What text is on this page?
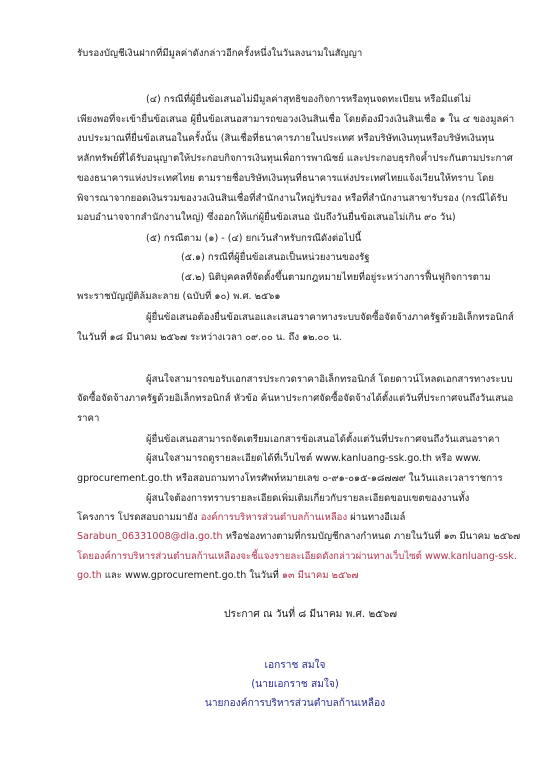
รับรองบัญชีเงินฝากที่มีมูลค่าดังกล่าวอีกครั้งหนึ่งในวันลงนามในสัญญา
(๔) กรณีที่ผู้ยื่นข้อเสนอไม่มีมูลค่าสุทธิของกิจการหรือทุนจดทะเบียน หรือมีแต่ไม่
เพียงพอที่จะเข้ายื่นข้อเสนอ ผู้ยื่นข้อเสนอสามารถขอวงเงินสินเชื่อ โดยต้องมีวงเงินสินเชื่อ ๑ ใน ๔ ของมูลค่า
งบประมาณที่ยื่นข้อเสนอในครั้งนั้น (สินเชื่อที่ธนาคารภายในประเทศ หรือบริษัทเงินทุนหรือบริษัทเงินทุน
หลักทรัพย์ที่ได้รับอนุญาตให้ประกอบกิจการเงินทุนเพื่อการพาณิชย์ และประกอบธุรกิจค้ำประกันตามประกาศ
ของธนาคารแห่งประเทศไทย ตามรายชื่อบริษัทเงินทุนที่ธนาคารแห่งประเทศไทยแจ้งเวียนให้ทราบ โดย
พิจารณาจากยอดเงินรวมของวงเงินสินเชื่อที่สำนักงานใหญ่รับรอง หรือที่สำนักงานสาขารับรอง (กรณีได้รับ
มอบอำนาจจากสำนักงานใหญ่) ซึ่งออกให้แก่ผู้ยื่นข้อเสนอ นับถึงวันยื่นข้อเสนอไม่เกิน ๙๐ วัน)
(๕) กรณีตาม (๑) - (๔) ยกเว้นสำหรับกรณีดังต่อไปนี้
(๕.๑) กรณีที่ผู้ยื่นข้อเสนอเป็นหน่วยงานของรัฐ
(๕.๒) นิติบุคคลที่จัดตั้งขึ้นตามกฎหมายไทยที่อยู่ระหว่างการฟื้นฟูกิจการตาม
พระราชบัญญัติล้มละลาย (ฉบับที่ ๑๐) พ.ศ. ๒๕๖๑
ผู้ยื่นข้อเสนอต้องยื่นข้อเสนอและเสนอราคาทางระบบจัดซื้อจัดจ้างภาครัฐด้วยอิเล็กทรอนิกส์
ในวันที่ ๑๘ มีนาคม ๒๕๖๗ ระหว่างเวลา ๐๙.๐๐ น. ถึง ๑๒.๐๐ น.
ผู้สนใจสามารถขอรับเอกสารประกวดราคาอิเล็กทรอนิกส์ โดยดาวน์โหลดเอกสารทางระบบ
จัดซื้อจัดจ้างภาครัฐด้วยอิเล็กทรอนิกส์ หัวข้อ ค้นหาประกาศจัดซื้อจัดจ้างได้ตั้งแต่วันที่ประกาศจนถึงวันเสนอ
ราคา
ผู้ยื่นข้อเสนอสามารถจัดเตรียมเอกสารข้อเสนอได้ตั้งแต่วันที่ประกาศจนถึงวันเสนอราคา
ผู้สนใจสามารถดูรายละเอียดได้ที่เว็บไซต์ www.kanluang-ssk.go.th หรือ www.
gprocurement.go.th หรือสอบถามทางโทรศัพท์หมายเลข ๐-๙๑-๐๑๕-๑๘๗๗๙ ในวันและเวลาราชการ
ผู้สนใจต้องการทราบรายละเอียดเพิ่มเติมเกี่ยวกับรายละเอียดขอบเขตของงานทั้ง
โครงการ โปรดสอบถามมายัง องค์การบริหารส่วนตำบลก้านเหลือง ผ่านทางอีเมล์
Sarabun_06331008@dla.go.th หรือช่องทางตามที่กรมบัญชีกลางกำหนด ภายในวันที่ ๑๓ มีนาคม ๒๕๖๗
โดยองค์การบริหารส่วนตำบลก้านเหลืองจะชี้แจงรายละเอียดดังกล่าวผ่านทางเว็บไซต์ www.kanluang-ssk.
go.th และ www.gprocurement.go.th ในวันที่ ๑๓ มีนาคม ๒๕๖๗
ประกาศ ณ วันที่ ๘ มีนาคม พ.ศ. ๒๕๖๗
เอกราช สมใจ
(นายเอกราช สมใจ)
นายกองค์การบริหารส่วนตำบลก้านเหลือง
